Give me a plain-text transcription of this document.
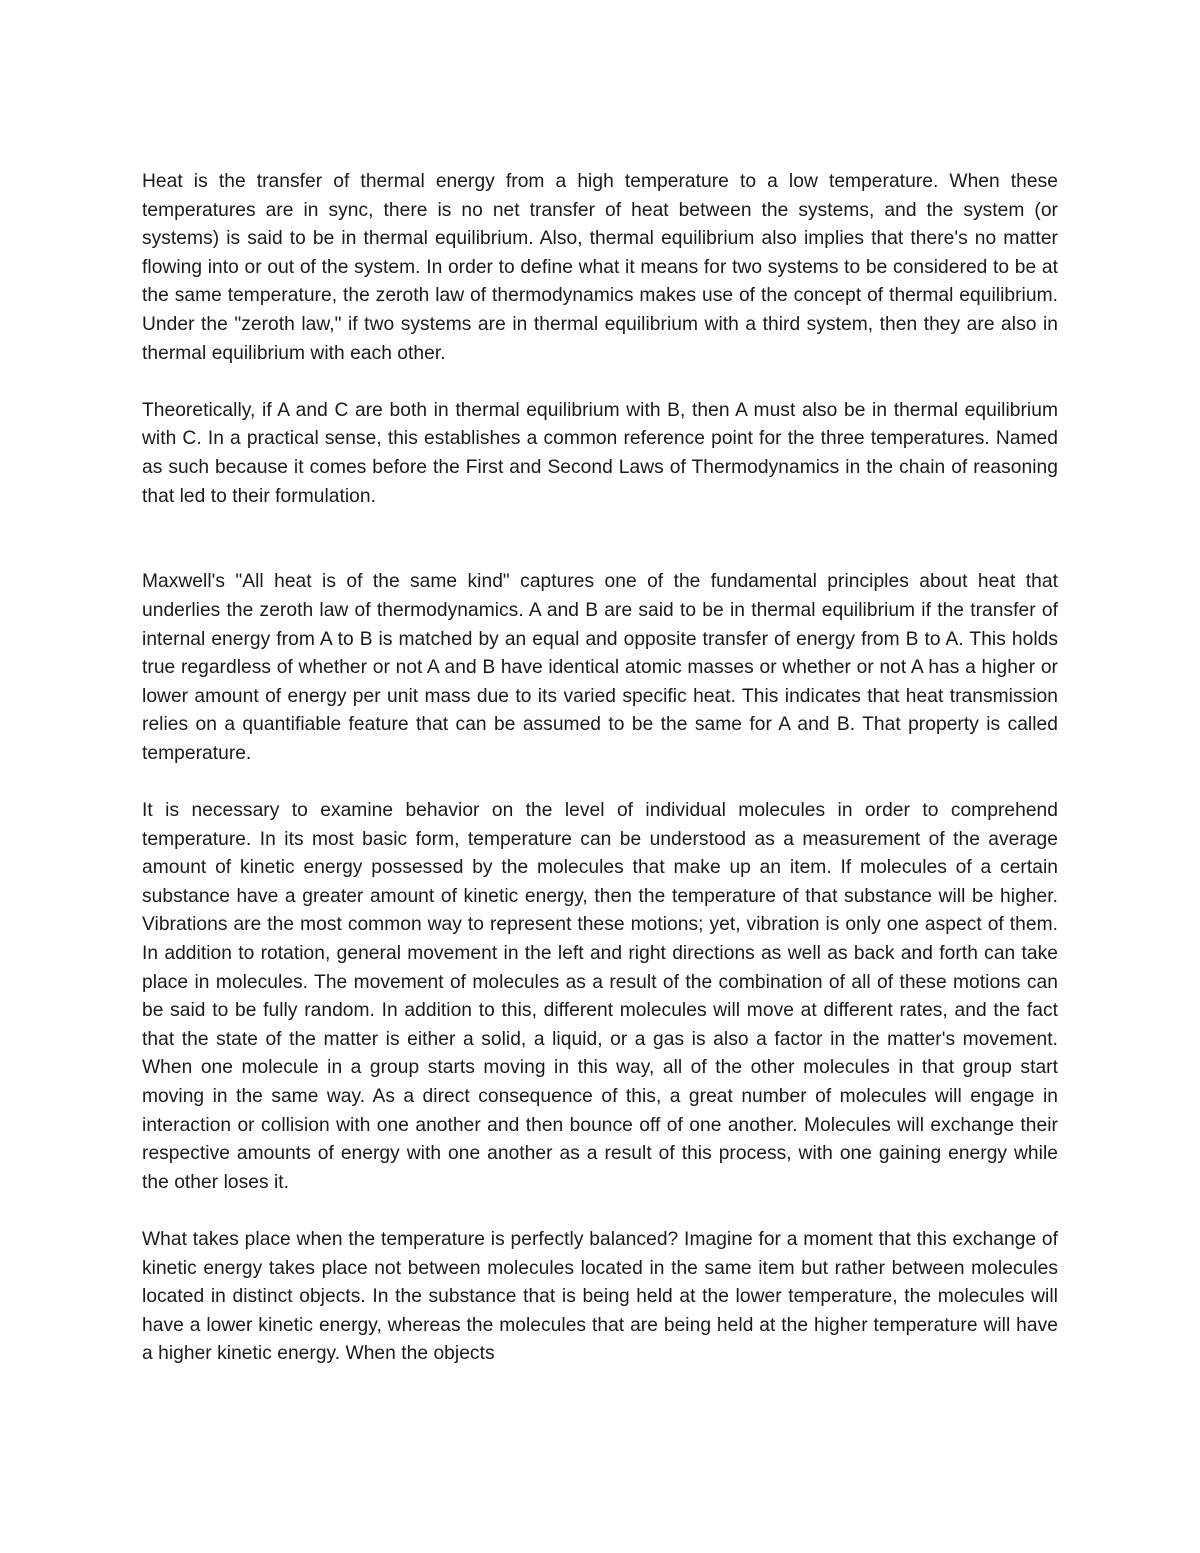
Heat is the transfer of thermal energy from a high temperature to a low temperature. When these temperatures are in sync, there is no net transfer of heat between the systems, and the system (or systems) is said to be in thermal equilibrium. Also, thermal equilibrium also implies that there's no matter flowing into or out of the system. In order to define what it means for two systems to be considered to be at the same temperature, the zeroth law of thermodynamics makes use of the concept of thermal equilibrium. Under the "zeroth law," if two systems are in thermal equilibrium with a third system, then they are also in thermal equilibrium with each other.

Theoretically, if A and C are both in thermal equilibrium with B, then A must also be in thermal equilibrium with C. In a practical sense, this establishes a common reference point for the three temperatures. Named as such because it comes before the First and Second Laws of Thermodynamics in the chain of reasoning that led to their formulation.

Maxwell's "All heat is of the same kind" captures one of the fundamental principles about heat that underlies the zeroth law of thermodynamics. A and B are said to be in thermal equilibrium if the transfer of internal energy from A to B is matched by an equal and opposite transfer of energy from B to A. This holds true regardless of whether or not A and B have identical atomic masses or whether or not A has a higher or lower amount of energy per unit mass due to its varied specific heat. This indicates that heat transmission relies on a quantifiable feature that can be assumed to be the same for A and B. That property is called temperature.

It is necessary to examine behavior on the level of individual molecules in order to comprehend temperature. In its most basic form, temperature can be understood as a measurement of the average amount of kinetic energy possessed by the molecules that make up an item. If molecules of a certain substance have a greater amount of kinetic energy, then the temperature of that substance will be higher. Vibrations are the most common way to represent these motions; yet, vibration is only one aspect of them. In addition to rotation, general movement in the left and right directions as well as back and forth can take place in molecules. The movement of molecules as a result of the combination of all of these motions can be said to be fully random. In addition to this, different molecules will move at different rates, and the fact that the state of the matter is either a solid, a liquid, or a gas is also a factor in the matter's movement. When one molecule in a group starts moving in this way, all of the other molecules in that group start moving in the same way. As a direct consequence of this, a great number of molecules will engage in interaction or collision with one another and then bounce off of one another. Molecules will exchange their respective amounts of energy with one another as a result of this process, with one gaining energy while the other loses it.

What takes place when the temperature is perfectly balanced? Imagine for a moment that this exchange of kinetic energy takes place not between molecules located in the same item but rather between molecules located in distinct objects. In the substance that is being held at the lower temperature, the molecules will have a lower kinetic energy, whereas the molecules that are being held at the higher temperature will have a higher kinetic energy. When the objects
